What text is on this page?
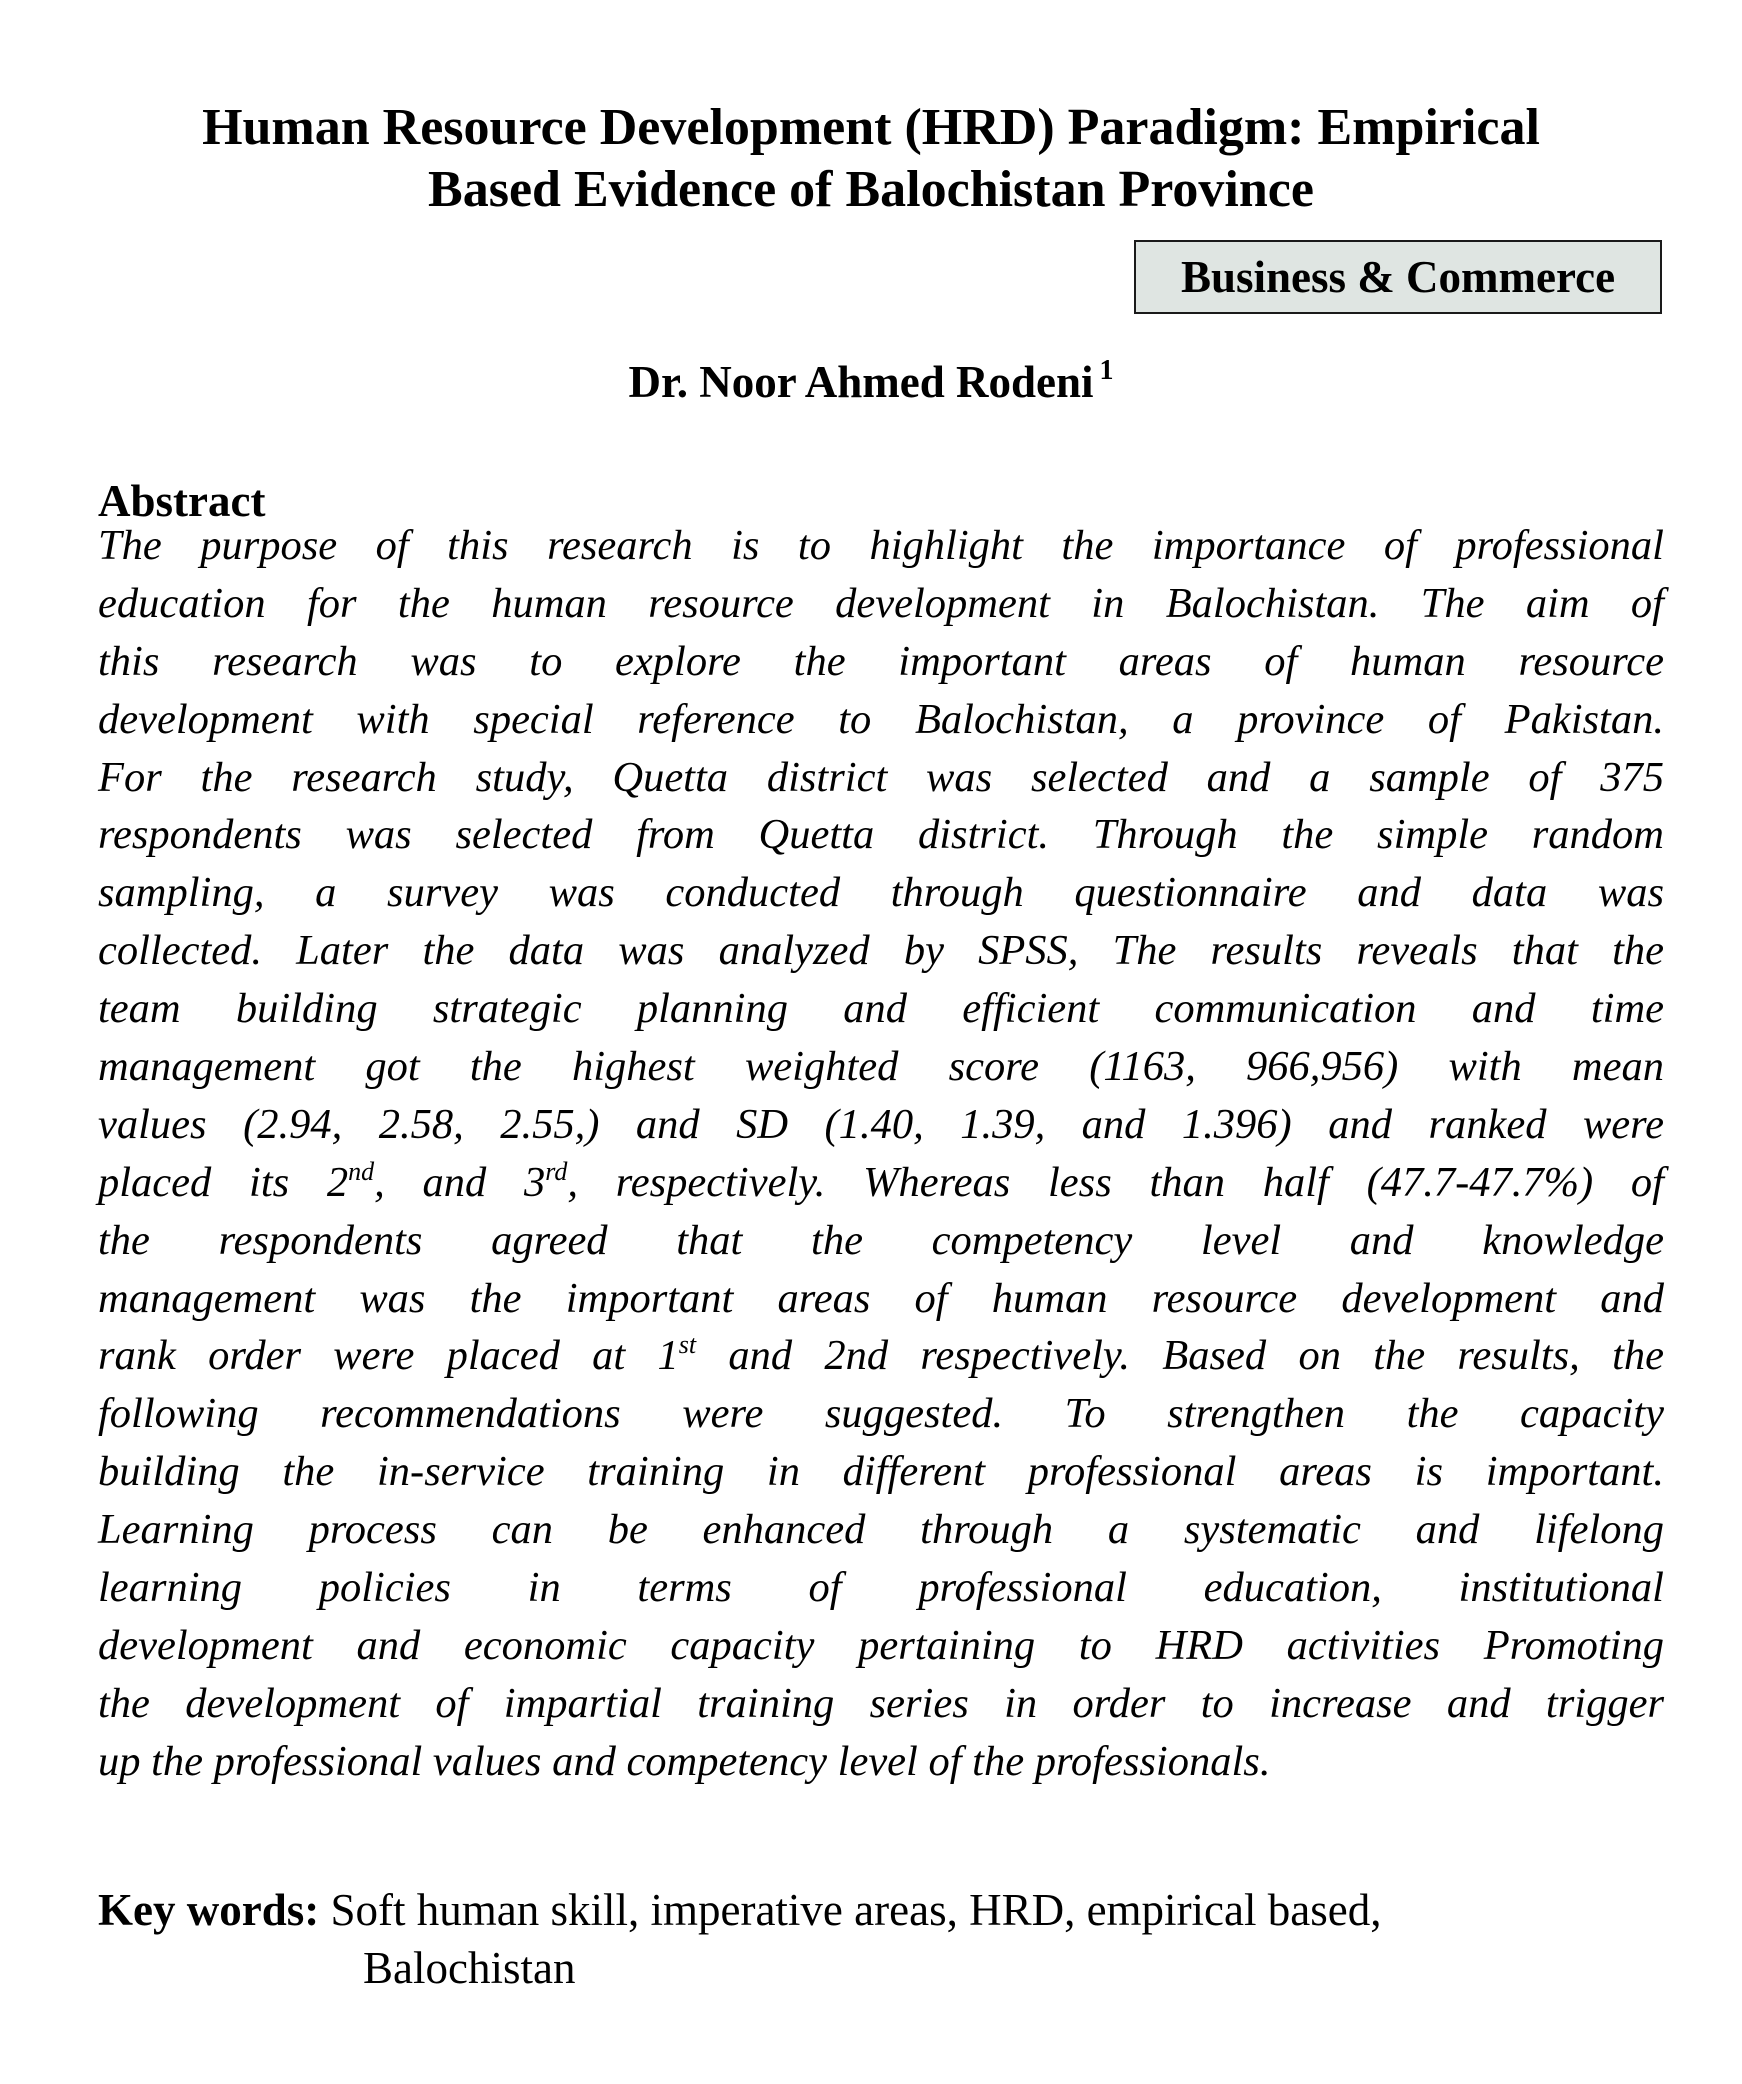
Human Resource Development (HRD) Paradigm: Empirical
Based Evidence of Balochistan Province
Business & Commerce
Dr. Noor Ahmed Rodeni $^1$
Abstract
The purpose of this research is to highlight the importance of professional
education for the human resource development in Balochistan. The aim of
this research was to explore the important areas of human resource
development with special reference to Balochistan, a province of Pakistan.
For the research study, Quetta district was selected and a sample of 375
respondents was selected from Quetta district. Through the simple random
sampling, a survey was conducted through questionnaire and data was
collected. Later the data was analyzed by SPSS, The results reveals that the
team building strategic planning and efficient communication and time
management got the highest weighted score (1163, 966,956) with mean
values (2.94, 2.58, 2.55,) and SD (1.40, 1.39, and 1.396) and ranked were
placed its 2nd, and 3rd, respectively. Whereas less than half (47.7-47.7%) of
the respondents agreed that the competency level and knowledge
management was the important areas of human resource development and
rank order were placed at 1st and 2nd respectively. Based on the results, the
following recommendations were suggested. To strengthen the capacity
building the in-service training in different professional areas is important.
Learning process can be enhanced through a systematic and lifelong
learning policies in terms of professional education, institutional
development and economic capacity pertaining to HRD activities Promoting
the development of impartial training series in order to increase and trigger
up the professional values and competency level of the professionals.
Key words: Soft human skill, imperative areas, HRD, empirical based,
Balochistan
